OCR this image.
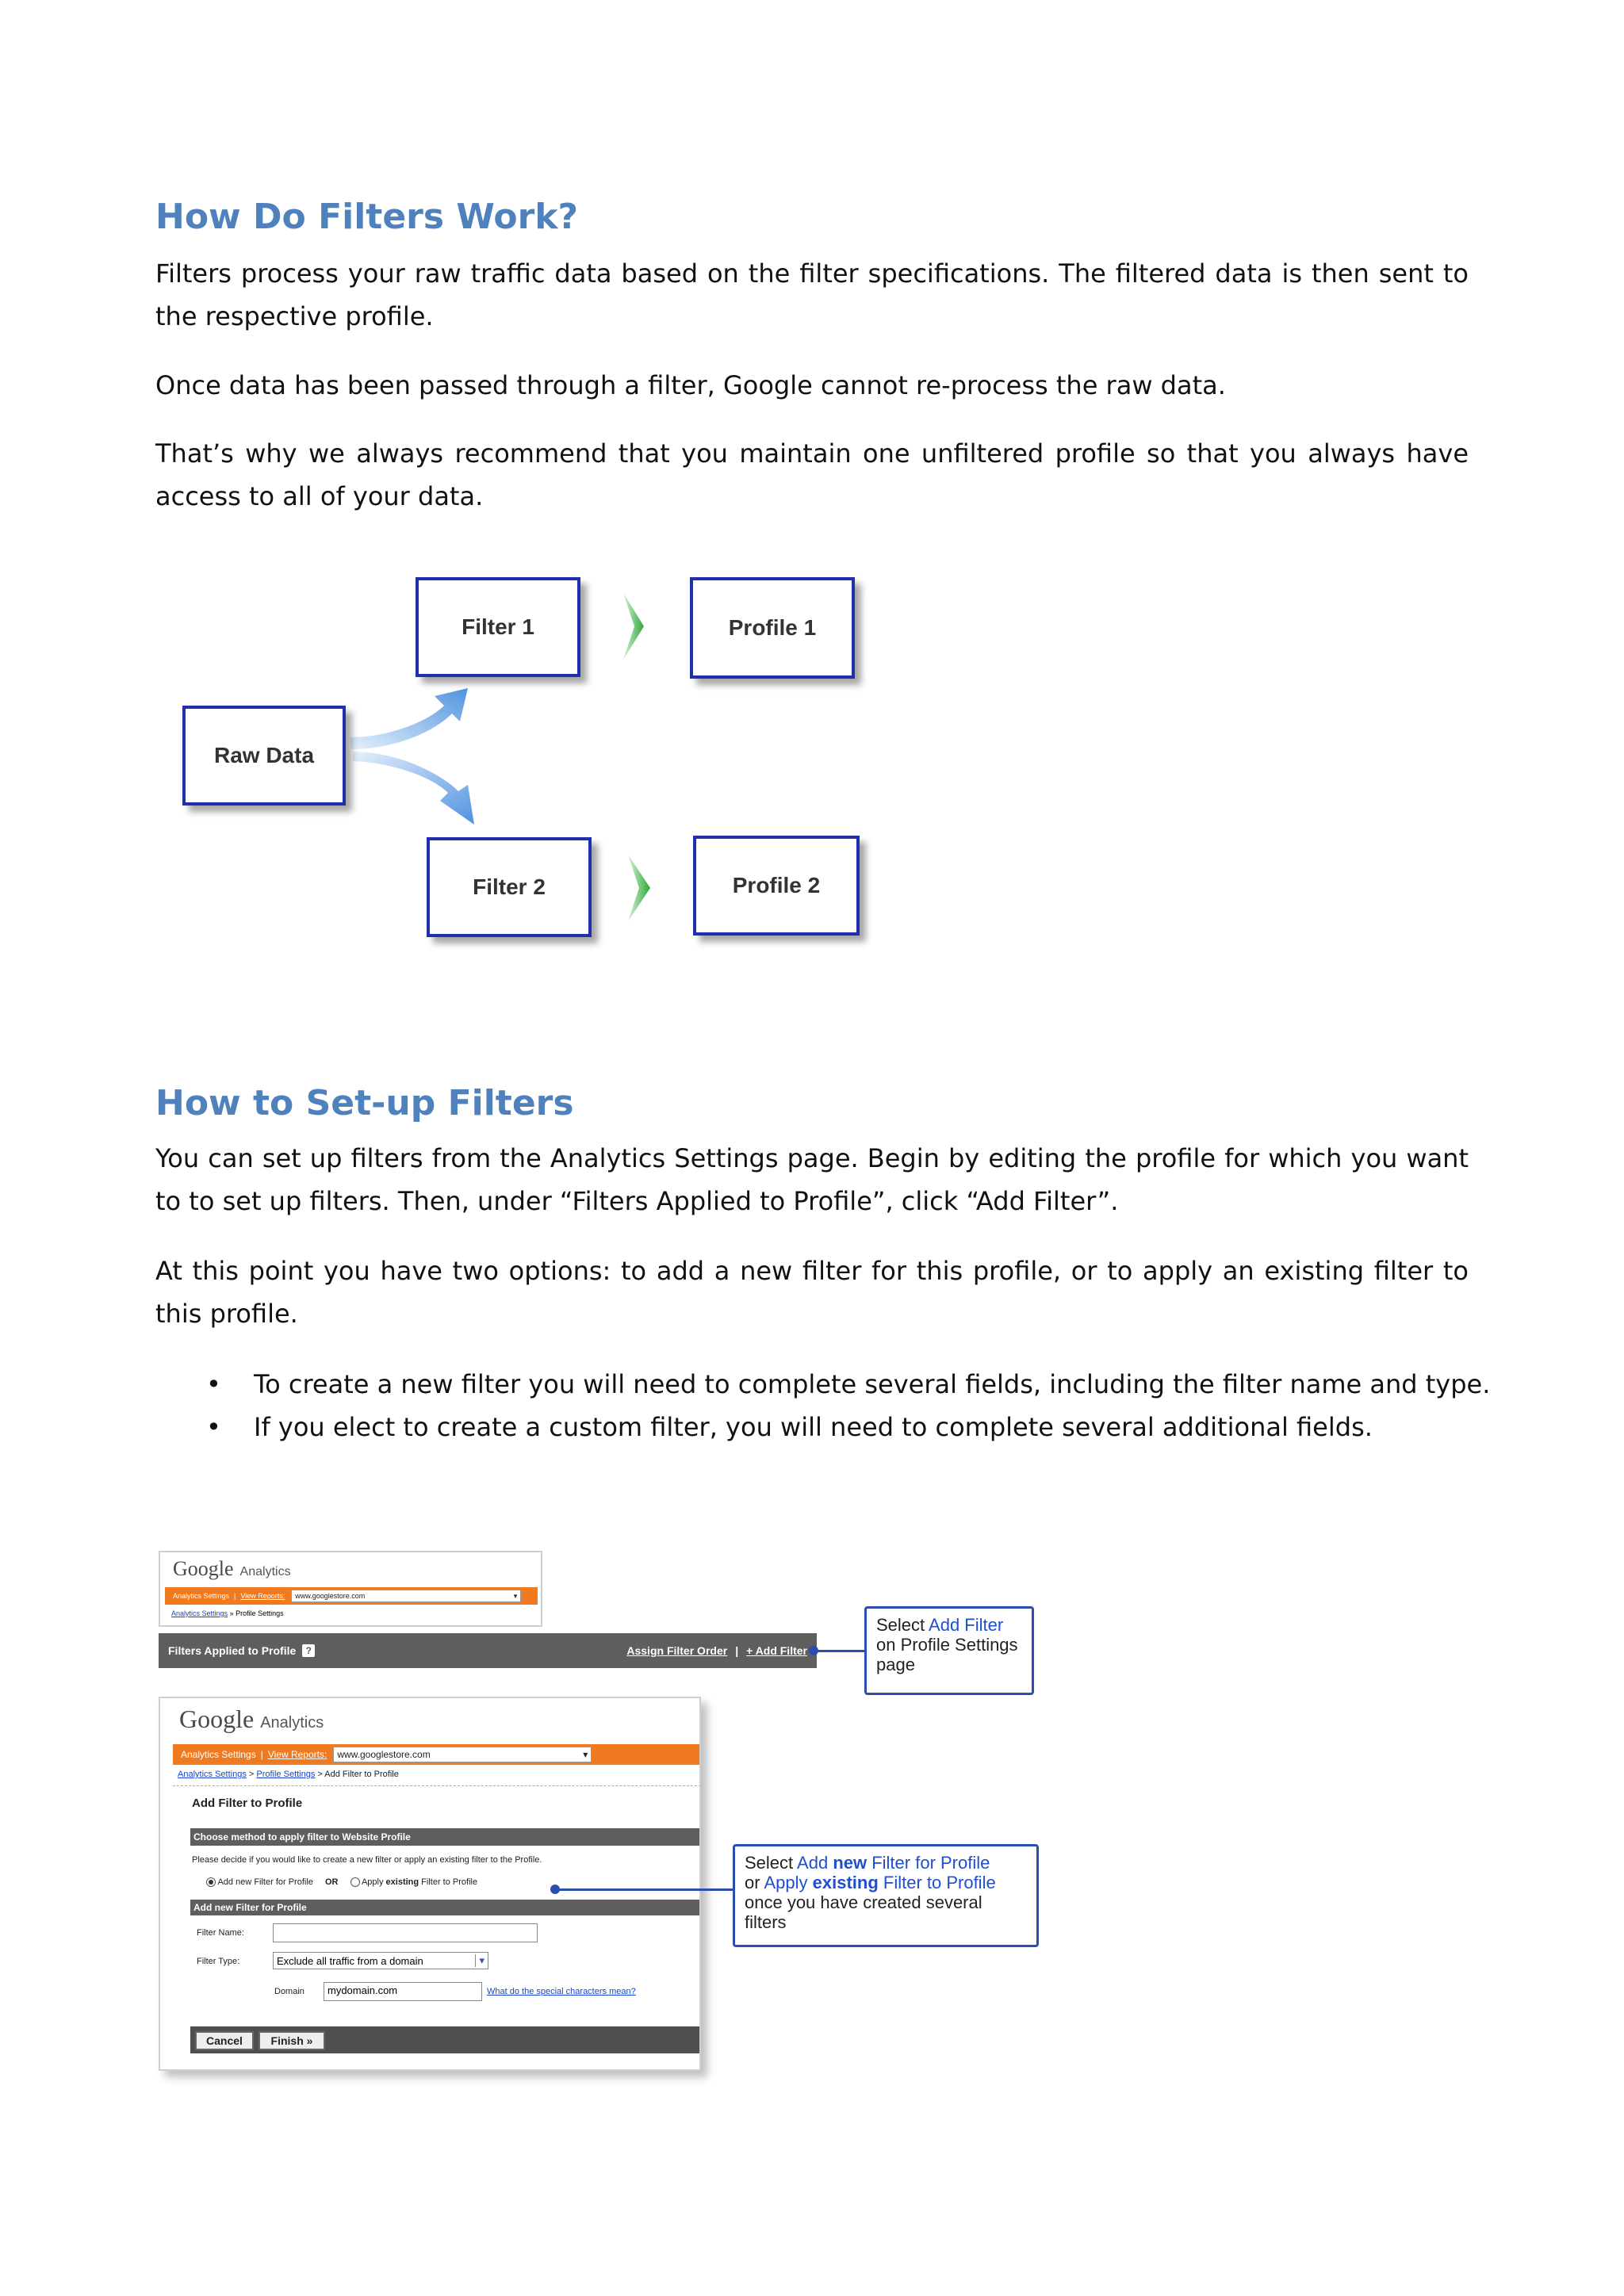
How Do Filters Work?

Filters process your raw traffic data based on the filter specifications. The filtered data is then sent to the respective profile.

Once data has been passed through a filter, Google cannot re-process the raw data.

That’s why we always recommend that you maintain one unfiltered profile so that you always have access to all of your data.

Raw Data
Filter 1	Profile 1
Filter 2	Profile 2
How to Set-up Filters

You can set up filters from the Analytics Settings page. Begin by editing the profile for which you want to to set up filters. Then, under “Filters Applied to Profile”, click “Add Filter”.

At this point you have two options: to add a new filter for this profile, or to apply an existing filter to this profile.

• To create a new filter you will need to complete several fields, including the filter name and type.
• If you elect to create a custom filter, you will need to complete several additional fields.
Google Analytics
Analytics Settings | View Reports: www.googlestore.com	▾
Analytics Settings » Profile Settings
Filters Applied to Profile	?	Assign Filter Order | + Add Filter
Select Add Filter
on Profile Settings page
Google Analytics
Analytics Settings | View Reports: www.googlestore.com	▾
Analytics Settings > Profile Settings > Add Filter to Profile
Add Filter to Profile
Choose method to apply filter to Website Profile
Please decide if you would like to create a new filter or apply an existing filter to the Profile.
Add new Filter for Profile OR	Apply existing Filter to Profile
Add new Filter for Profile
Filter Name:
Filter Type:	Exclude all traffic from a domain	▾
Domain	mydomain.com	What do the special characters mean?
Cancel	Finish »
Select Add new Filter for Profile
or Apply existing Filter to Profile
once you have created several filters
